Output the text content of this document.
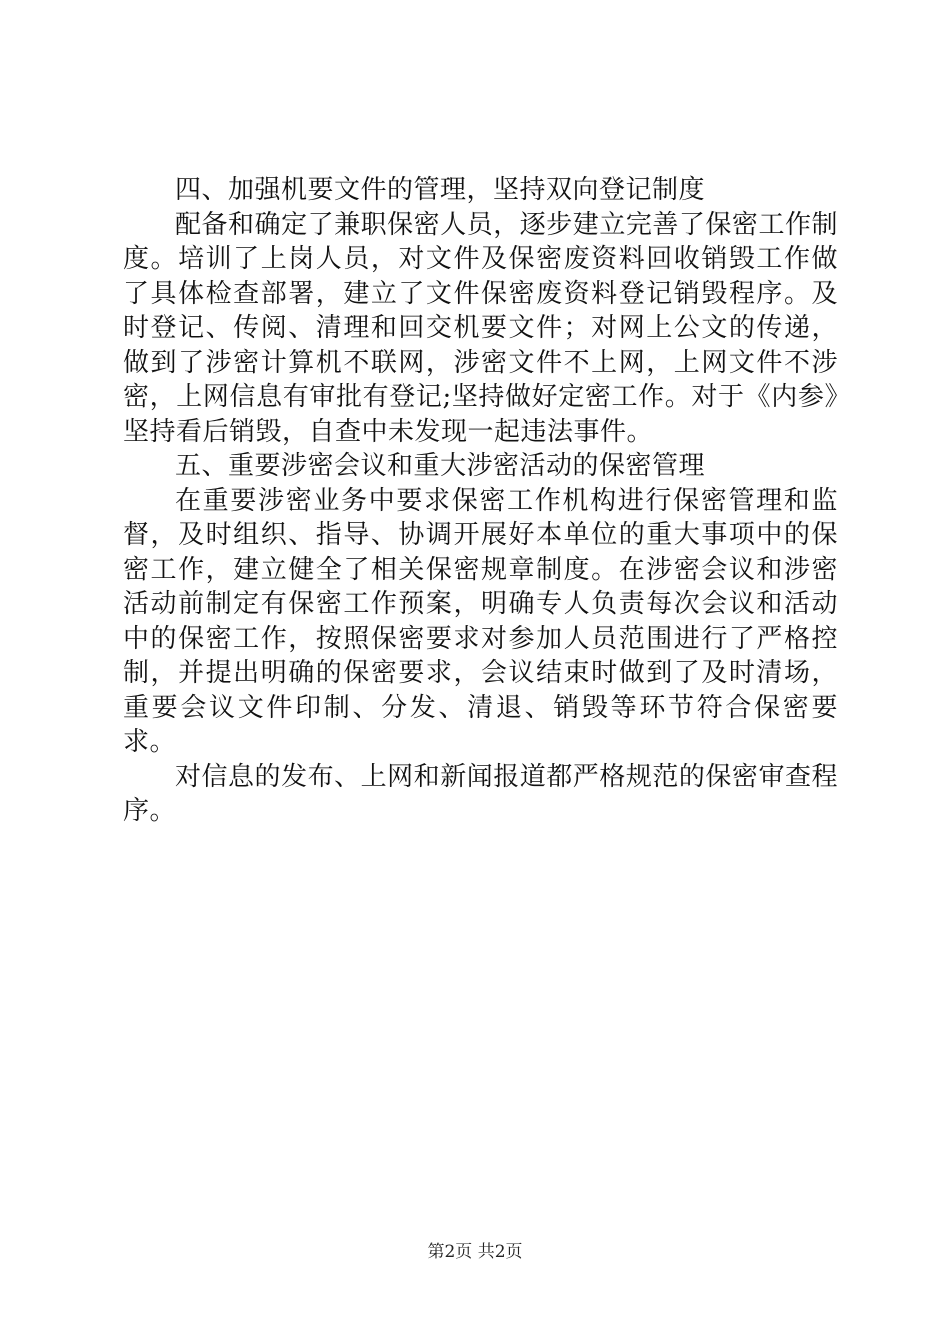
四、加强机要文件的管理，坚持双向登记制度

配备和确定了兼职保密人员，逐步建立完善了保密工作制度。培训了上岗人员，对文件及保密废资料回收销毁工作做了具体检查部署，建立了文件保密废资料登记销毁程序。及时登记、传阅、清理和回交机要文件；对网上公文的传递，做到了涉密计算机不联网，涉密文件不上网，上网文件不涉密，上网信息有审批有登记;坚持做好定密工作。对于《内参》坚持看后销毁，自查中未发现一起违法事件。

五、重要涉密会议和重大涉密活动的保密管理

在重要涉密业务中要求保密工作机构进行保密管理和监督，及时组织、指导、协调开展好本单位的重大事项中的保密工作，建立健全了相关保密规章制度。在涉密会议和涉密活动前制定有保密工作预案，明确专人负责每次会议和活动中的保密工作，按照保密要求对参加人员范围进行了严格控制，并提出明确的保密要求，会议结束时做到了及时清场，重要会议文件印制、分发、清退、销毁等环节符合保密要求。

对信息的发布、上网和新闻报道都严格规范的保密审查程序。

第2页 共2页
